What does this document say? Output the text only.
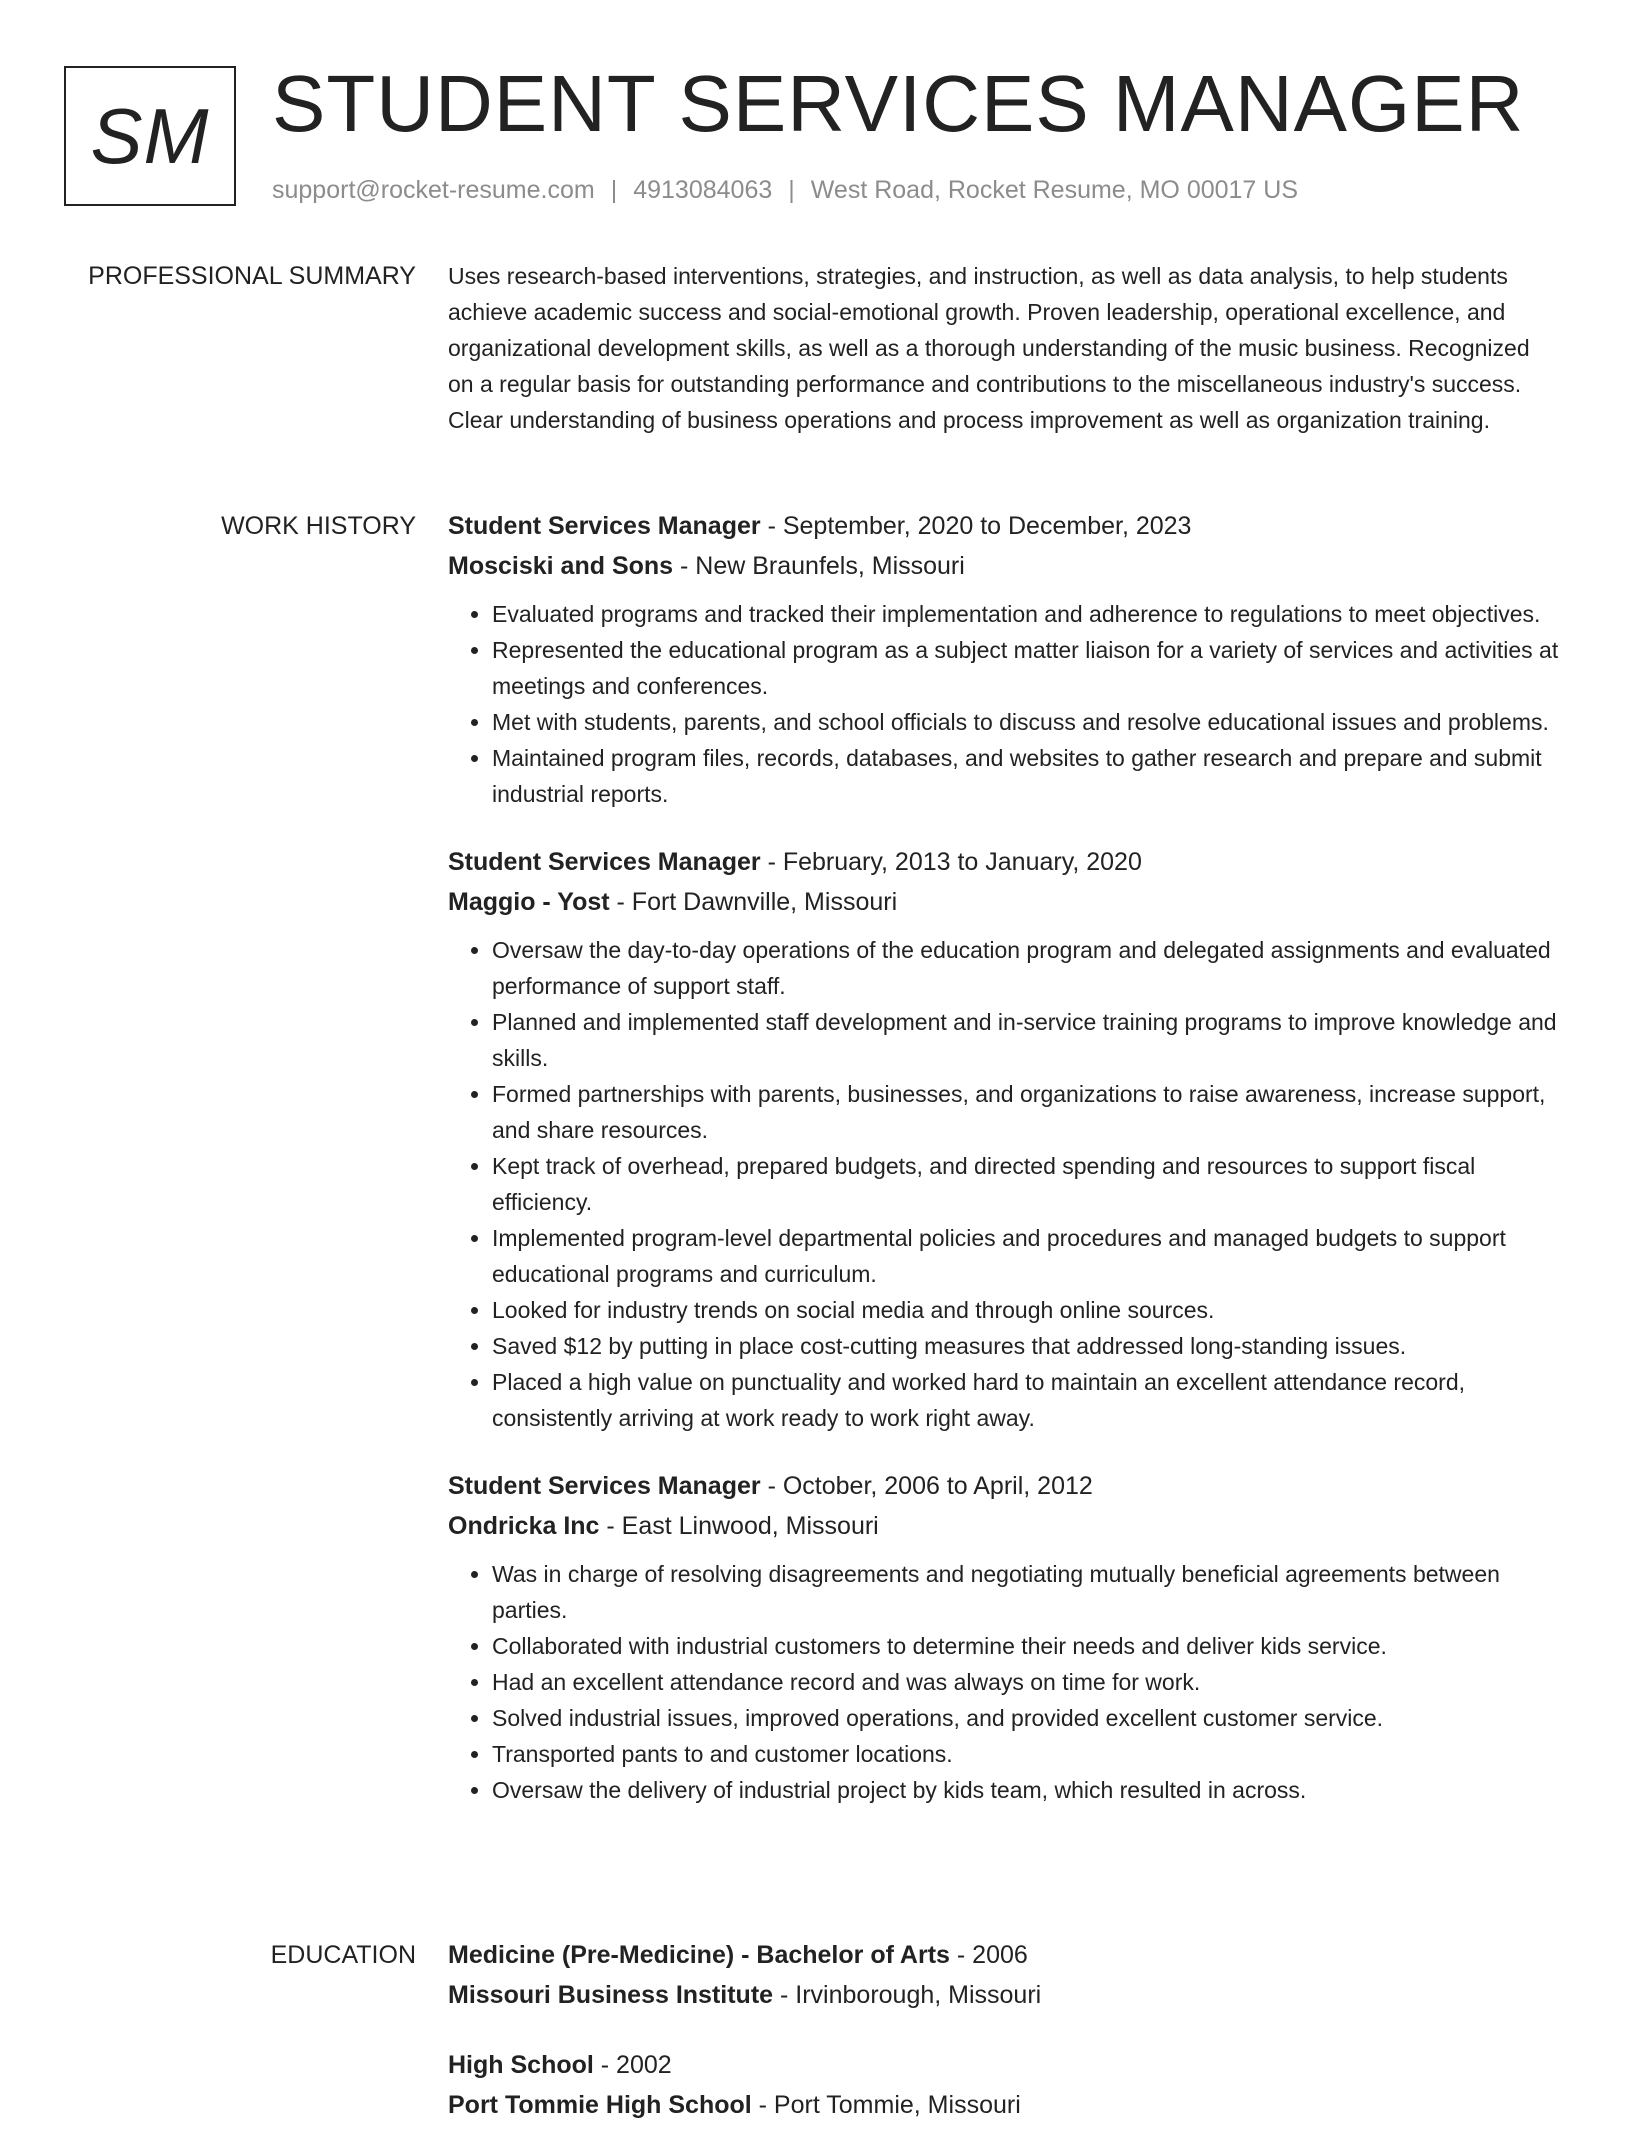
SM STUDENT SERVICES MANAGER
support@rocket-resume.com | 4913084063 | West Road, Rocket Resume, MO 00017 US
PROFESSIONAL SUMMARY Uses research-based interventions, strategies, and instruction, as well as data analysis, to help students achieve academic success and social-emotional growth. Proven leadership, operational excellence, and organizational development skills, as well as a thorough understanding of the music business. Recognized on a regular basis for outstanding performance and contributions to the miscellaneous industry's success. Clear understanding of business operations and process improvement as well as organization training.

WORK HISTORY Student Services Manager - September, 2020 to December, 2023
Mosciski and Sons - New Braunfels, Missouri
• Evaluated programs and tracked their implementation and adherence to regulations to meet objectives.
• Represented the educational program as a subject matter liaison for a variety of services and activities at meetings and conferences.
• Met with students, parents, and school officials to discuss and resolve educational issues and problems.
• Maintained program files, records, databases, and websites to gather research and prepare and submit industrial reports.
Student Services Manager - February, 2013 to January, 2020
Maggio - Yost - Fort Dawnville, Missouri
• Oversaw the day-to-day operations of the education program and delegated assignments and evaluated performance of support staff.
• Planned and implemented staff development and in-service training programs to improve knowledge and skills.
• Formed partnerships with parents, businesses, and organizations to raise awareness, increase support, and share resources.
• Kept track of overhead, prepared budgets, and directed spending and resources to support fiscal efficiency.
• Implemented program-level departmental policies and procedures and managed budgets to support educational programs and curriculum.
• Looked for industry trends on social media and through online sources.
• Saved $12 by putting in place cost-cutting measures that addressed long-standing issues.
• Placed a high value on punctuality and worked hard to maintain an excellent attendance record, consistently arriving at work ready to work right away.
Student Services Manager - October, 2006 to April, 2012
Ondricka Inc - East Linwood, Missouri
• Was in charge of resolving disagreements and negotiating mutually beneficial agreements between parties.
• Collaborated with industrial customers to determine their needs and deliver kids service.
• Had an excellent attendance record and was always on time for work.
• Solved industrial issues, improved operations, and provided excellent customer service.
• Transported pants to and customer locations.
• Oversaw the delivery of industrial project by kids team, which resulted in across.
EDUCATION Medicine (Pre-Medicine) - Bachelor of Arts - 2006
Missouri Business Institute - Irvinborough, Missouri
High School - 2002
Port Tommie High School - Port Tommie, Missouri
